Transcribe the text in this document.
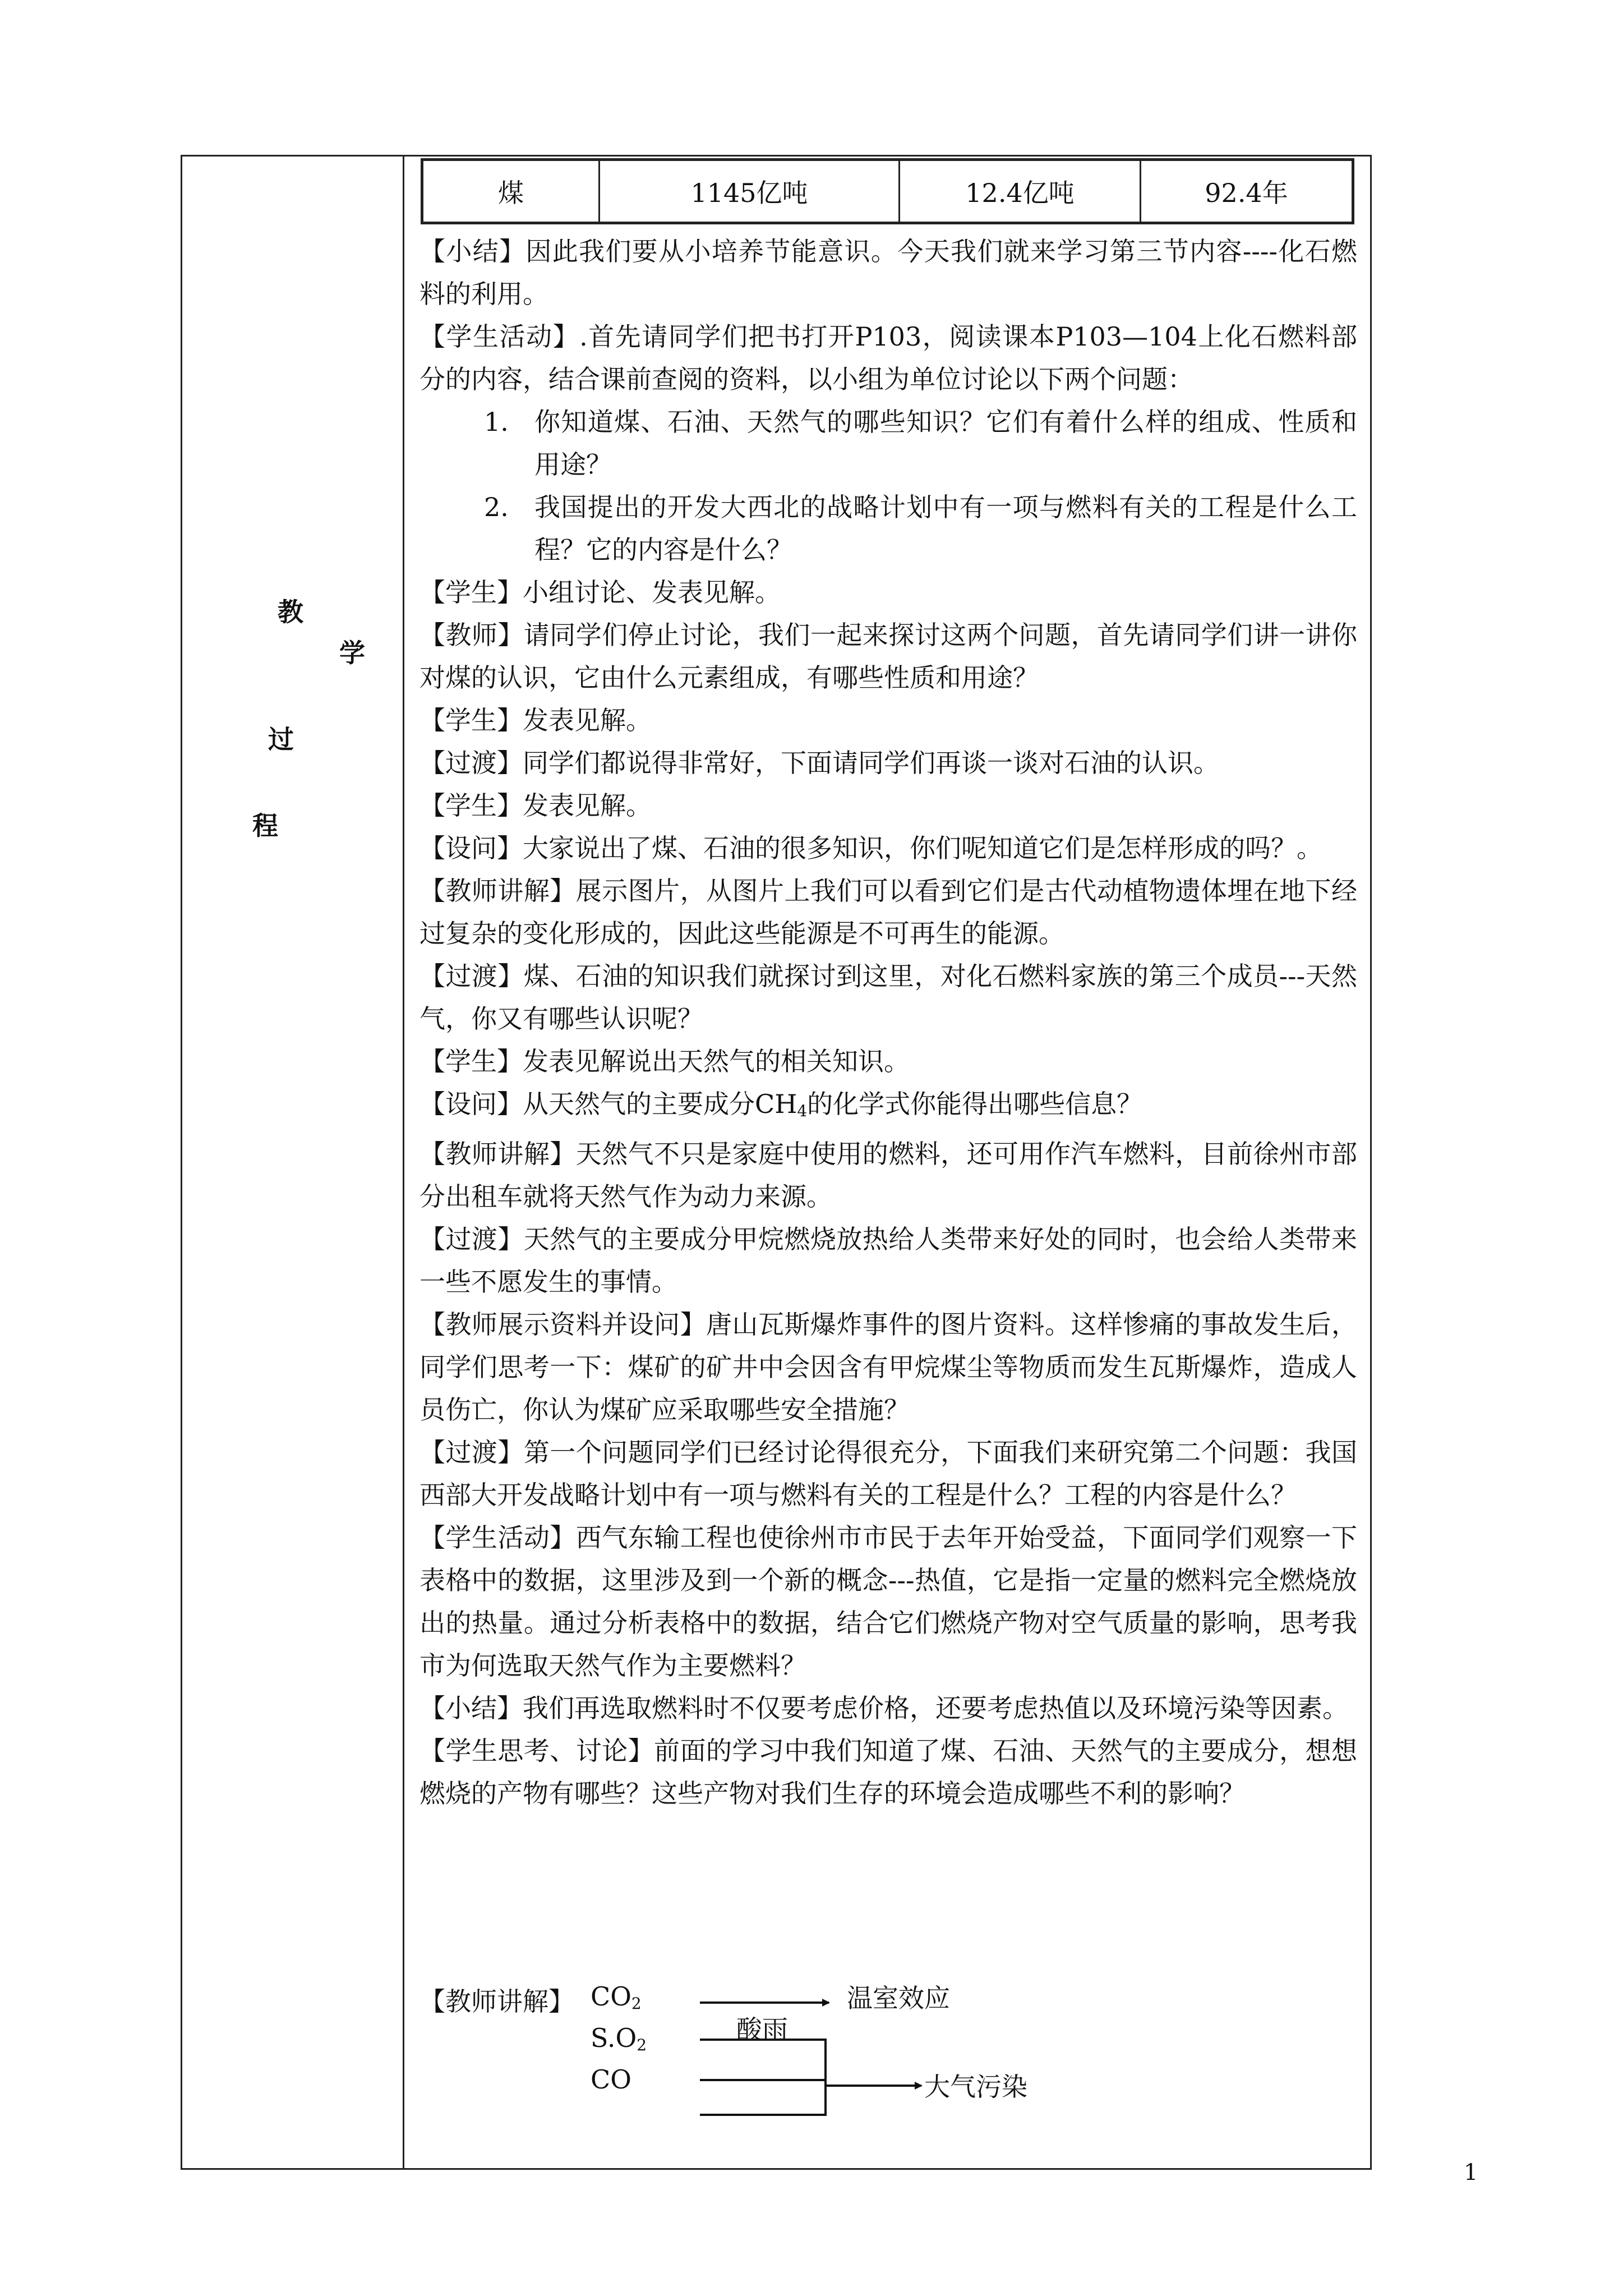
教
学
过
程
煤	1145亿吨	12.4亿吨	92.4年

【小结】因此我们要从小培养节能意识。今天我们就来学习第三节内容----化石燃料的利用。

【学生活动】.首先请同学们把书打开P103，阅读课本P103—104上化石燃料部分的内容，结合课前查阅的资料，以小组为单位讨论以下两个问题：

1.	你知道煤、石油、天然气的哪些知识？它们有着什么样的组成、性质和用途？
2.	我国提出的开发大西北的战略计划中有一项与燃料有关的工程是什么工程？它的内容是什么？

【学生】小组讨论、发表见解。

【教师】请同学们停止讨论，我们一起来探讨这两个问题，首先请同学们讲一讲你对煤的认识，它由什么元素组成，有哪些性质和用途？

【学生】发表见解。

【过渡】同学们都说得非常好，下面请同学们再谈一谈对石油的认识。

【学生】发表见解。

【设问】大家说出了煤、石油的很多知识，你们呢知道它们是怎样形成的吗？。

【教师讲解】展示图片，从图片上我们可以看到它们是古代动植物遗体埋在地下经过复杂的变化形成的，因此这些能源是不可再生的能源。

【过渡】煤、石油的知识我们就探讨到这里，对化石燃料家族的第三个成员---天然气，你又有哪些认识呢？

【学生】发表见解说出天然气的相关知识。

【设问】从天然气的主要成分$CH_4$的化学式你能得出哪些信息？

【教师讲解】天然气不只是家庭中使用的燃料，还可用作汽车燃料，目前徐州市部分出租车就将天然气作为动力来源。

【过渡】天然气的主要成分甲烷燃烧放热给人类带来好处的同时，也会给人类带来一些不愿发生的事情。

【教师展示资料并设问】唐山瓦斯爆炸事件的图片资料。这样惨痛的事故发生后，同学们思考一下：煤矿的矿井中会因含有甲烷煤尘等物质而发生瓦斯爆炸，造成人员伤亡，你认为煤矿应采取哪些安全措施？

【过渡】第一个问题同学们已经讨论得很充分，下面我们来研究第二个问题：我国西部大开发战略计划中有一项与燃料有关的工程是什么？工程的内容是什么？

【学生活动】西气东输工程也使徐州市市民于去年开始受益，下面同学们观察一下表格中的数据，这里涉及到一个新的概念---热值，它是指一定量的燃料完全燃烧放出的热量。通过分析表格中的数据，结合它们燃烧产物对空气质量的影响，思考我市为何选取天然气作为主要燃料？

【小结】我们再选取燃料时不仅要考虑价格，还要考虑热值以及环境污染等因素。

【学生思考、讨论】前面的学习中我们知道了煤、石油、天然气的主要成分，想想燃烧的产物有哪些？这些产物对我们生存的环境会造成哪些不利的影响？

【教师讲解】 $CO_2$
$S.O_2$
CO
温室效应
酸雨
大气污染
1
